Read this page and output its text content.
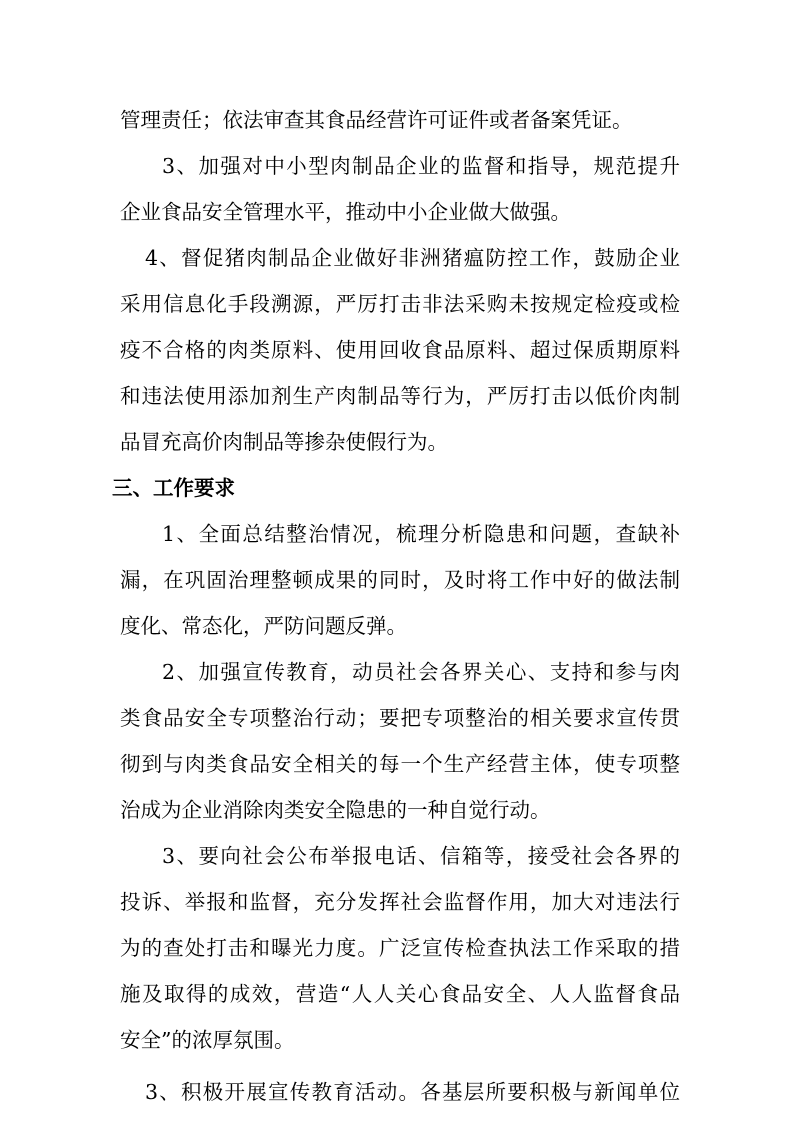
管理责任；依法审查其食品经营许可证件或者备案凭证。
3、加强对中小型肉制品企业的监督和指导，规范提升
企业食品安全管理水平，推动中小企业做大做强。
4、督促猪肉制品企业做好非洲猪瘟防控工作，鼓励企业
采用信息化手段溯源，严厉打击非法采购未按规定检疫或检
疫不合格的肉类原料、使用回收食品原料、超过保质期原料
和违法使用添加剂生产肉制品等行为，严厉打击以低价肉制
品冒充高价肉制品等掺杂使假行为。
三、工作要求
1、全面总结整治情况，梳理分析隐患和问题，查缺补
漏，在巩固治理整顿成果的同时，及时将工作中好的做法制
度化、常态化，严防问题反弹。
2、加强宣传教育，动员社会各界关心、支持和参与肉
类食品安全专项整治行动；要把专项整治的相关要求宣传贯
彻到与肉类食品安全相关的每一个生产经营主体，使专项整
治成为企业消除肉类安全隐患的一种自觉行动。
3、要向社会公布举报电话、信箱等，接受社会各界的
投诉、举报和监督，充分发挥社会监督作用，加大对违法行
为的查处打击和曝光力度。广泛宣传检查执法工作采取的措
施及取得的成效，营造“人人关心食品安全、人人监督食品
安全”的浓厚氛围。
3、积极开展宣传教育活动。各基层所要积极与新闻单位
